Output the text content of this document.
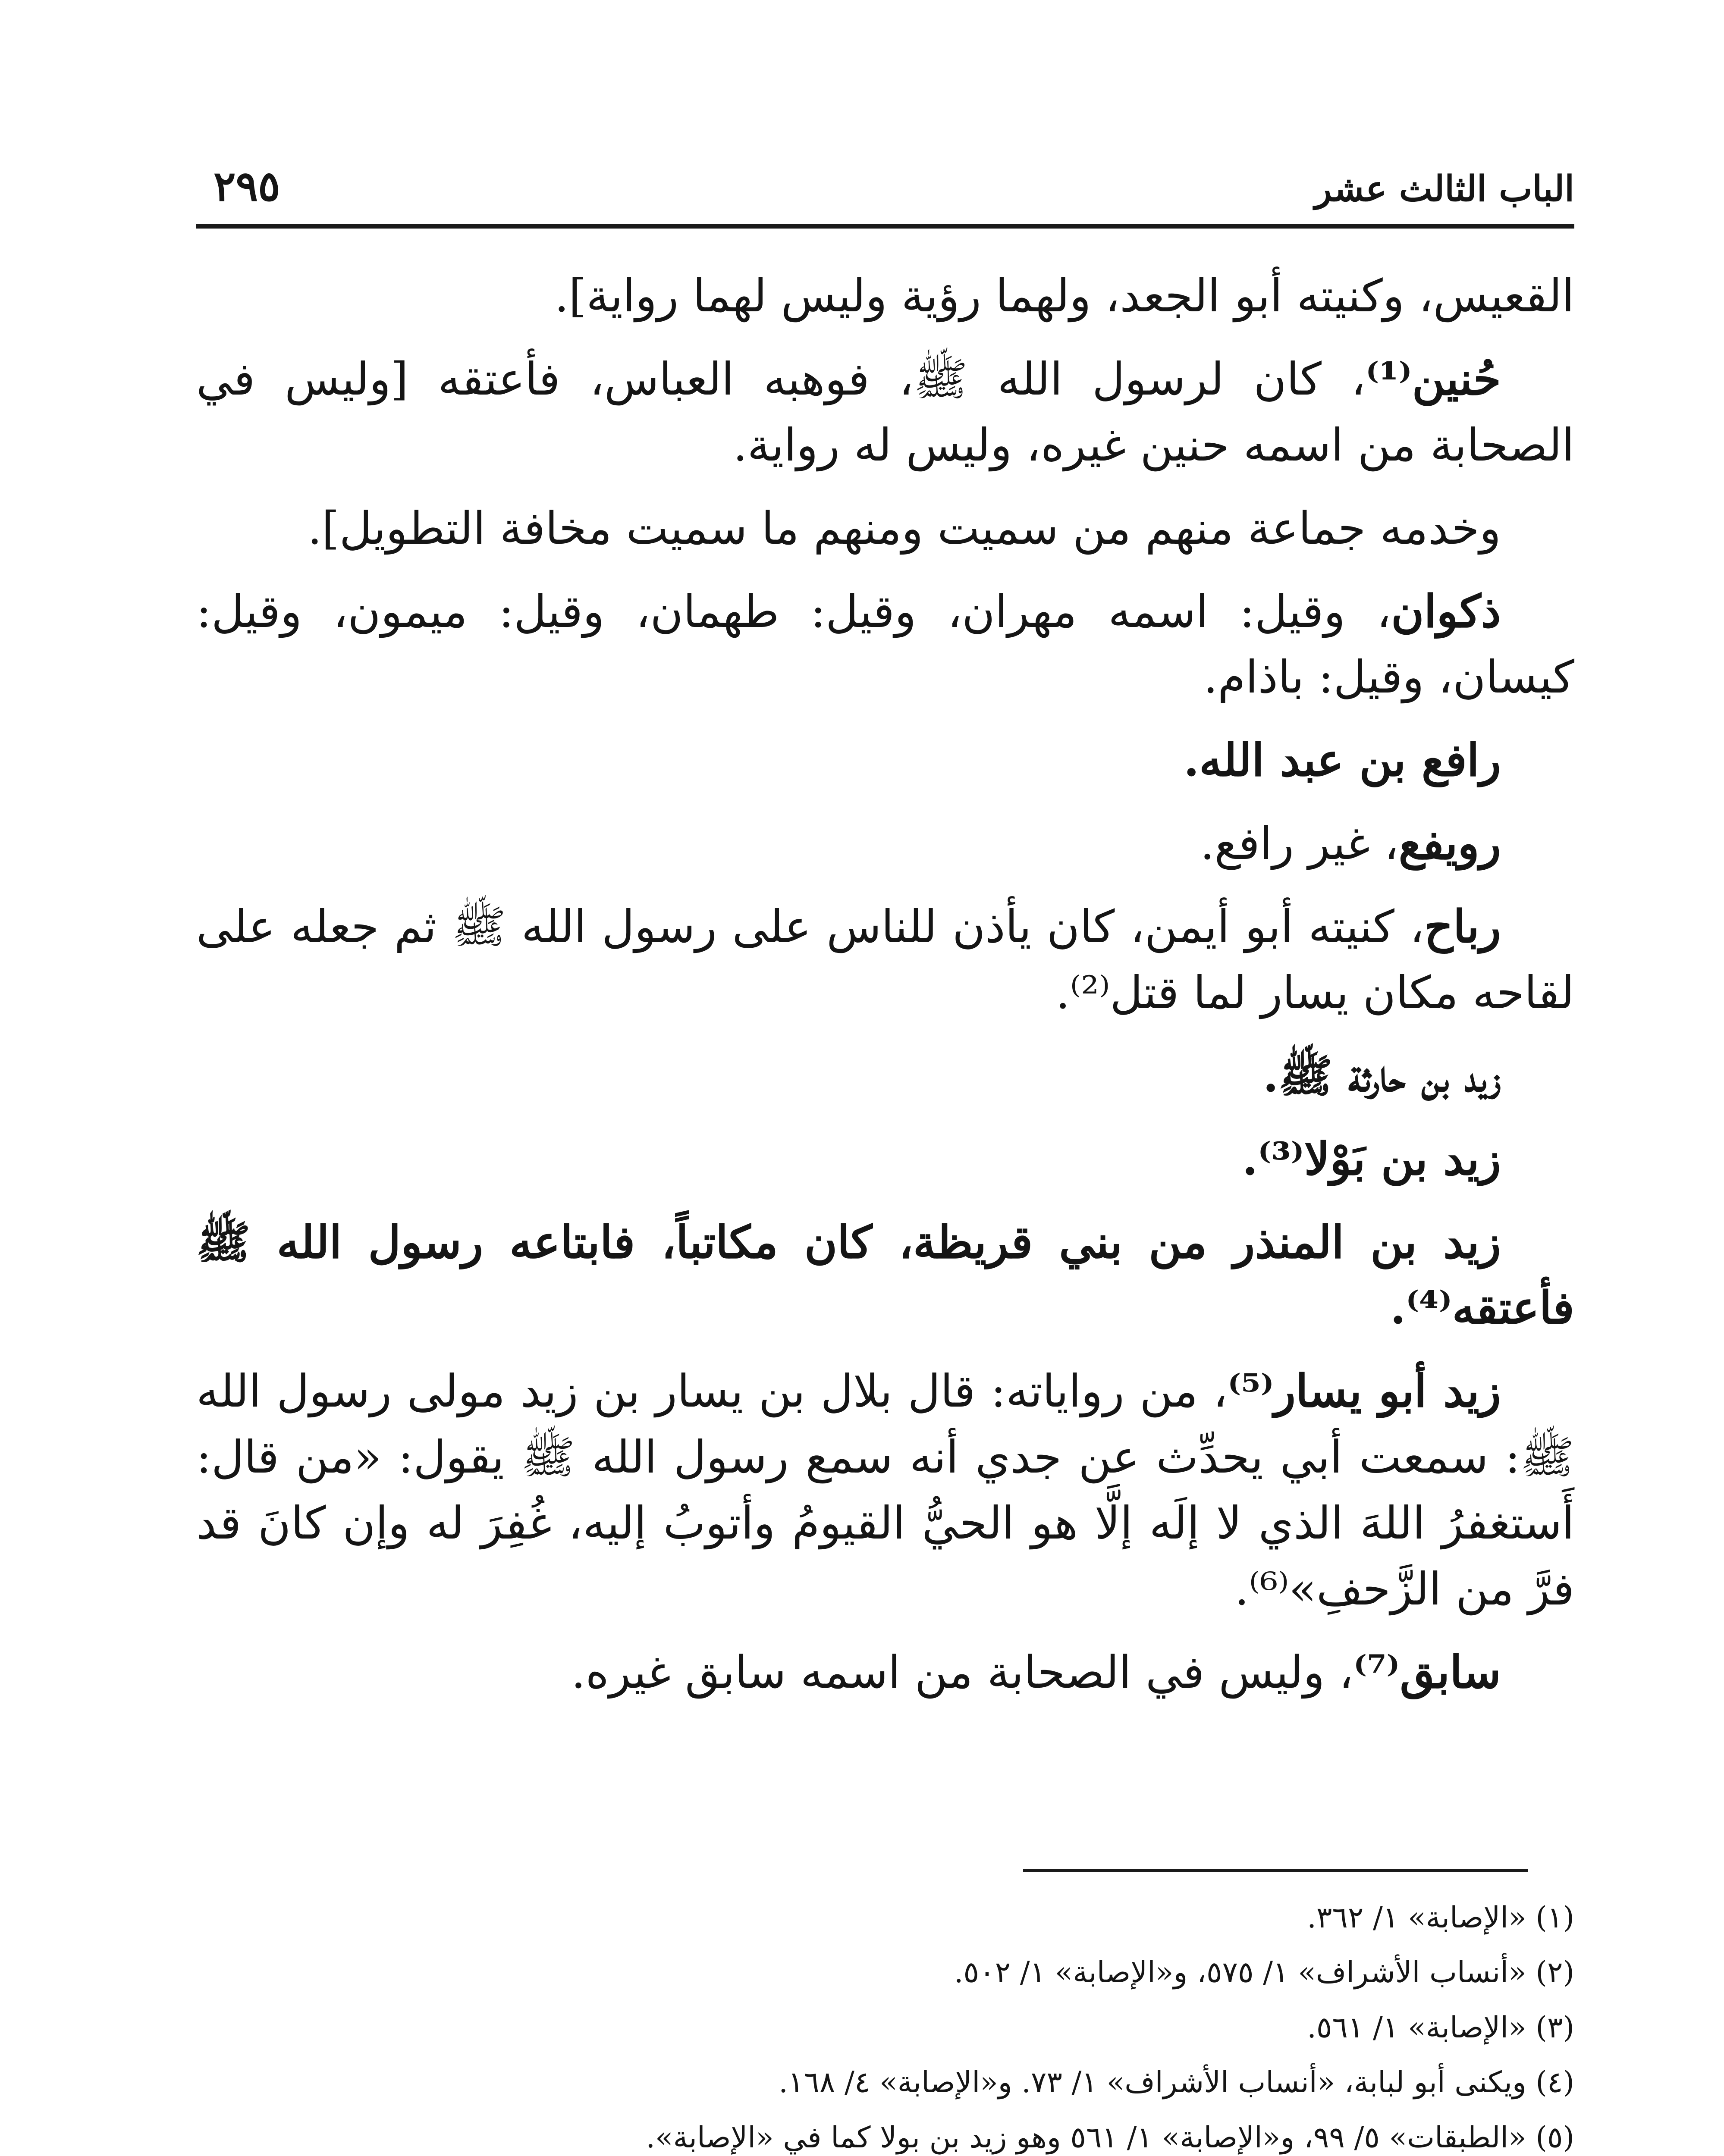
الباب الثالث عشر
٢٩٥

القعيس، وكنيته أبو الجعد، ولهما رؤية وليس لهما رواية].

حُنين⁽¹⁾، كان لرسول الله ﷺ، فوهبه العباس، فأعتقه [وليس في الصحابة من اسمه حنين غيره، وليس له رواية.

وخدمه جماعة منهم من سميت ومنهم ما سميت مخافة التطويل].

ذكوان، وقيل: اسمه مهران، وقيل: طهمان، وقيل: ميمون، وقيل: كيسان، وقيل: باذام.

رافع بن عبد الله.

رويفع، غير رافع.

رباح، كنيته أبو أيمن، كان يأذن للناس على رسول الله ﷺ ثم جعله على لقاحه مكان يسار لما قتل⁽²⁾.

زيد بن حارثة ﷺ.

زيد بن بَوْلا⁽³⁾.

زيد بن المنذر من بني قريظة، كان مكاتباً، فابتاعه رسول الله ﷺ فأعتقه⁽⁴⁾.

زيد أبو يسار⁽⁵⁾، من رواياته: قال بلال بن يسار بن زيد مولى رسول الله ﷺ: سمعت أبي يحدِّث عن جدي أنه سمع رسول الله ﷺ يقول: «من قال: أَستغفرُ اللهَ الذي لا إلَه إلَّا هو الحيُّ القيومُ وأتوبُ إليه، غُفِرَ له وإن كانَ قد فرَّ من الزَّحفِ»⁽⁶⁾.

سابق⁽⁷⁾، وليس في الصحابة من اسمه سابق غيره.

(١) «الإصابة» ١/ ٣٦٢.
(٢) «أنساب الأشراف» ١/ ٥٧٥، و«الإصابة» ١/ ٥٠٢.
(٣) «الإصابة» ١/ ٥٦١.
(٤) ويكنى أبو لبابة، «أنساب الأشراف» ١/ ٧٣. و«الإصابة» ٤/ ١٦٨.
(٥) «الطبقات» ٥/ ٩٩، و«الإصابة» ١/ ٥٦١ وهو زيد بن بولا كما في «الإصابة».
